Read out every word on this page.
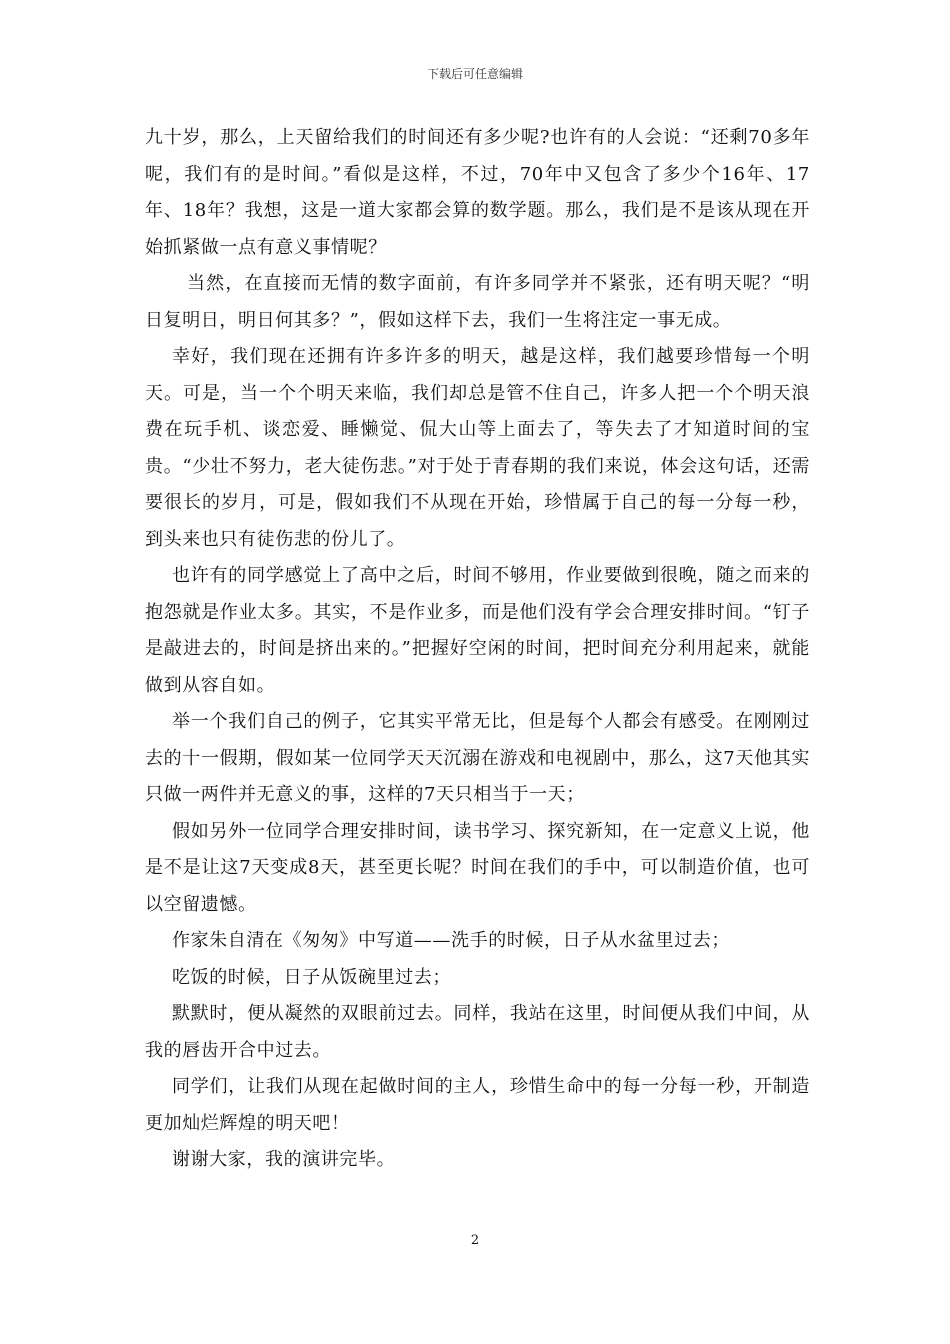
下载后可任意编辑

九十岁，那么，上天留给我们的时间还有多少呢?也许有的人会说：“还剩70多年呢，我们有的是时间。”看似是这样，不过，70年中又包含了多少个16年、17年、18年？我想，这是一道大家都会算的数学题。那么，我们是不是该从现在开始抓紧做一点有意义事情呢？

当然，在直接而无情的数字面前，有许多同学并不紧张，还有明天呢？“明日复明日，明日何其多？”，假如这样下去，我们一生将注定一事无成。

幸好，我们现在还拥有许多许多的明天，越是这样，我们越要珍惜每一个明天。可是，当一个个明天来临，我们却总是管不住自己，许多人把一个个明天浪费在玩手机、谈恋爱、睡懒觉、侃大山等上面去了，等失去了才知道时间的宝贵。“少壮不努力，老大徒伤悲。”对于处于青春期的我们来说，体会这句话，还需要很长的岁月，可是，假如我们不从现在开始，珍惜属于自己的每一分每一秒，到头来也只有徒伤悲的份儿了。

也许有的同学感觉上了高中之后，时间不够用，作业要做到很晚，随之而来的抱怨就是作业太多。其实，不是作业多，而是他们没有学会合理安排时间。“钉子是敲进去的，时间是挤出来的。”把握好空闲的时间，把时间充分利用起来，就能做到从容自如。

举一个我们自己的例子，它其实平常无比，但是每个人都会有感受。在刚刚过去的十一假期，假如某一位同学天天沉溺在游戏和电视剧中，那么，这7天他其实只做一两件并无意义的事，这样的7天只相当于一天；

假如另外一位同学合理安排时间，读书学习、探究新知，在一定意义上说，他是不是让这7天变成8天，甚至更长呢？时间在我们的手中，可以制造价值，也可以空留遗憾。

作家朱自清在《匆匆》中写道——洗手的时候，日子从水盆里过去；

吃饭的时候，日子从饭碗里过去；

默默时，便从凝然的双眼前过去。同样，我站在这里，时间便从我们中间，从我的唇齿开合中过去。

同学们，让我们从现在起做时间的主人，珍惜生命中的每一分每一秒，开制造更加灿烂辉煌的明天吧！

谢谢大家，我的演讲完毕。

2
